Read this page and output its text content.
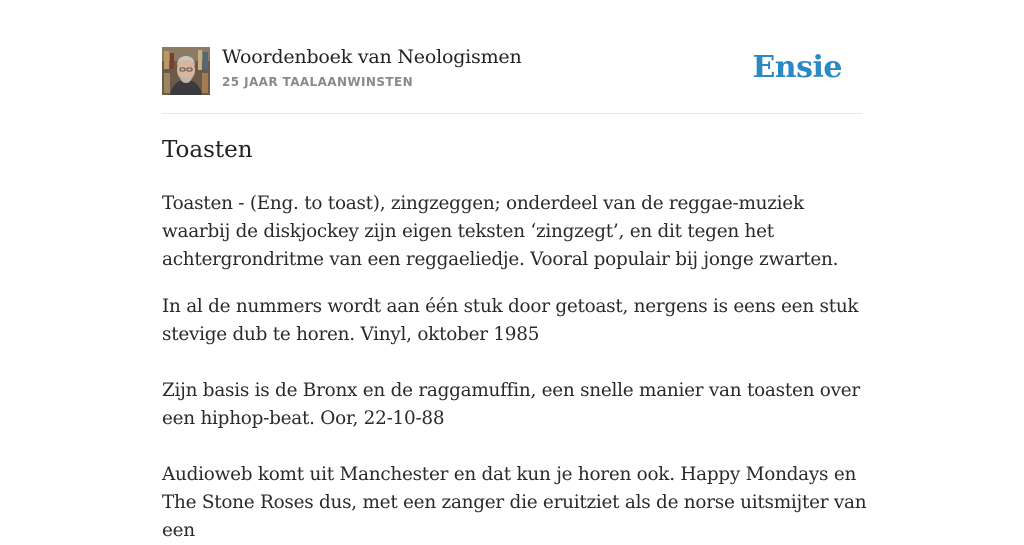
Woordenboek van Neologismen
25 JAAR TAALAANWINSTEN	Ensie
Toasten

Toasten - (Eng. to toast), zingzeggen; onderdeel van de reggae-muziek waarbij de diskjockey zijn eigen teksten ‘zingzegt’, en dit tegen het achtergrondritme van een reggaeliedje. Vooral populair bij jonge zwarten.

In al de nummers wordt aan één stuk door getoast, nergens is eens een stuk stevige dub te horen. Vinyl, oktober 1985

Zijn basis is de Bronx en de raggamuffin, een snelle manier van toasten over een hiphop-beat. Oor, 22-10-88

Audioweb komt uit Manchester en dat kun je horen ook. Happy Mondays en The Stone Roses dus, met een zanger die eruitziet als de norse uitsmijter van een
